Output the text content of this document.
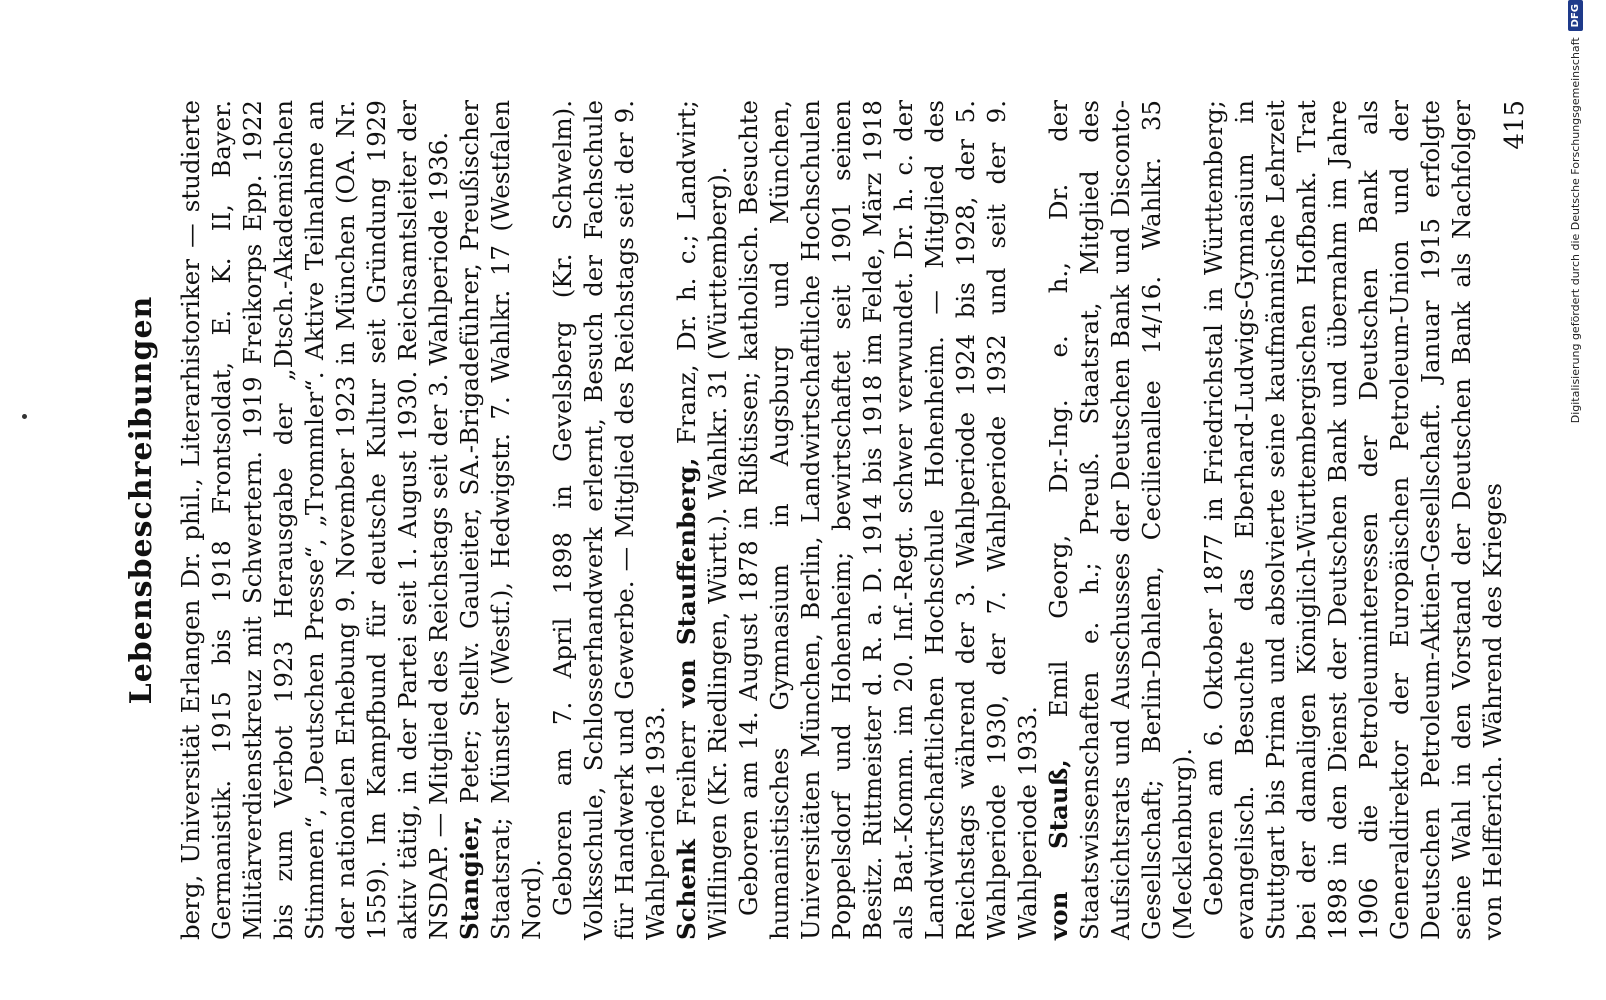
Lebensbeschreibungen berg, Universität Erlangen Dr. phil., Literarhistoriker — studierte Germanistik. 1915 bis 1918 Frontsoldat, E. K. II, Bayer. Militärverdienstkreuz mit Schwertern. 1919 Freikorps Epp. 1922 bis zum Verbot 1923 Herausgabe der „Dtsch.-Akademischen Stimmen“, „Deutschen Presse“, „Trommler“. Aktive Teilnahme an der nationalen Erhebung 9. November 1923 in München (OA. Nr. 1559). Im Kampfbund für deutsche Kultur seit Gründung 1929 aktiv tätig, in der Partei seit 1. August 1930. Reichsamtsleiter der NSDAP. — Mitglied des Reichstags seit der 3. Wahlperiode 1936. Stangier, Peter; Stellv. Gauleiter, SA.-Brigadeführer, Preußischer Staatsrat; Münster (Westf.), Hedwigstr. 7. Wahlkr. 17 (Westfalen Nord). Geboren am 7. April 1898 in Gevelsberg (Kr. Schwelm). Volksschule, Schlosserhandwerk erlernt, Besuch der Fachschule für Handwerk und Gewerbe. — Mitglied des Reichstags seit der 9. Wahlperiode 1933. Schenk Freiherr von Stauffenberg, Franz, Dr. h. c.; Landwirt; Wilflingen (Kr. Riedlingen, Württ.). Wahlkr. 31 (Württemberg). Geboren am 14. August 1878 in Rißtissen; katholisch. Besuchte humanistisches Gymnasium in Augsburg und München, Universitäten München, Berlin, Landwirtschaftliche Hochschulen Poppelsdorf und Hohenheim; bewirtschaftet seit 1901 seinen Besitz. Rittmeister d. R. a. D. 1914 bis 1918 im Felde, März 1918 als Bat.-Komm. im 20. Inf.-Regt. schwer verwundet. Dr. h. c. der Landwirtschaftlichen Hochschule Hohenheim. — Mitglied des Reichstags während der 3. Wahlperiode 1924 bis 1928, der 5. Wahlperiode 1930, der 7. Wahlperiode 1932 und seit der 9. Wahlperiode 1933. von Stauß, Emil Georg, Dr.-Ing. e. h., Dr. der Staatswissenschaften e. h.; Preuß. Staatsrat, Mitglied des Aufsichtsrats und Ausschusses der Deutschen Bank und Disconto-Gesellschaft; Berlin-Dahlem, Cecilienallee 14/16. Wahlkr. 35 (Mecklenburg). Geboren am 6. Oktober 1877 in Friedrichstal in Württemberg; evangelisch. Besuchte das Eberhard-Ludwigs-Gymnasium in Stuttgart bis Prima und absolvierte seine kaufmännische Lehrzeit bei der damaligen Königlich-Württembergischen Hofbank. Trat 1898 in den Dienst der Deutschen Bank und übernahm im Jahre 1906 die Petroleuminteressen der Deutschen Bank als Generaldirektor der Europäischen Petroleum-Union und der Deutschen Petroleum-Aktien-Gesellschaft. Januar 1915 erfolgte seine Wahl in den Vorstand der Deutschen Bank als Nachfolger von Helfferich. Während des Krieges

415	Digitalisierung gefördert durch die Deutsche Forschungsgemeinschaft
DFG
